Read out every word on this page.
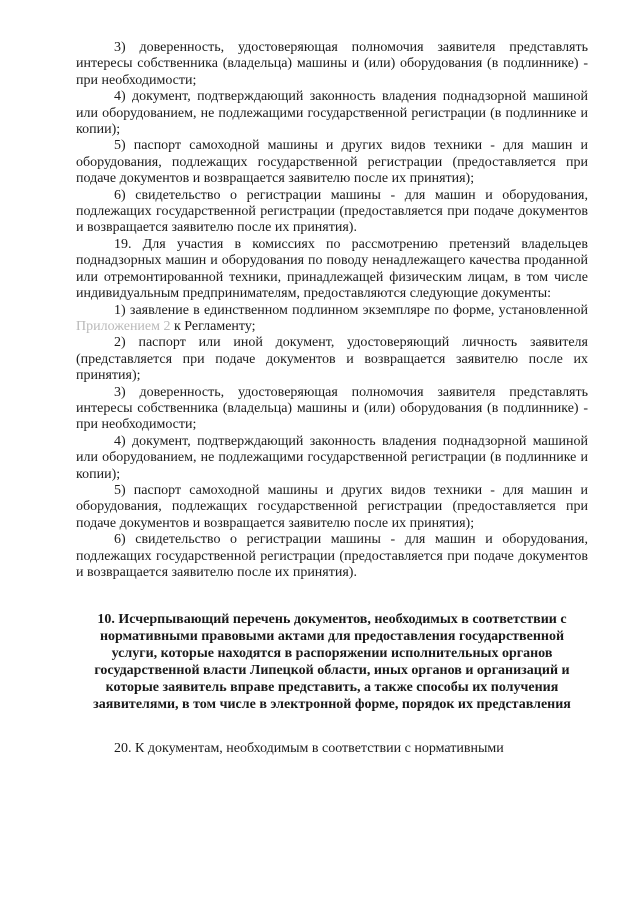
3) доверенность, удостоверяющая полномочия заявителя представлять интересы собственника (владельца) машины и (или) оборудования (в подлиннике) - при необходимости;

4) документ, подтверждающий законность владения поднадзорной машиной или оборудованием, не подлежащими государственной регистрации (в подлиннике и копии);

5) паспорт самоходной машины и других видов техники - для машин и оборудования, подлежащих государственной регистрации (предоставляется при подаче документов и возвращается заявителю после их принятия);

6) свидетельство о регистрации машины - для машин и оборудования, подлежащих государственной регистрации (предоставляется при подаче документов и возвращается заявителю после их принятия).

19. Для участия в комиссиях по рассмотрению претензий владельцев поднадзорных машин и оборудования по поводу ненадлежащего качества проданной или отремонтированной техники, принадлежащей физическим лицам, в том числе индивидуальным предпринимателям, предоставляются следующие документы:

1) заявление в единственном подлинном экземпляре по форме, установленной Приложением 2 к Регламенту;

2) паспорт или иной документ, удостоверяющий личность заявителя (представляется при подаче документов и возвращается заявителю после их принятия);

3) доверенность, удостоверяющая полномочия заявителя представлять интересы собственника (владельца) машины и (или) оборудования (в подлиннике) - при необходимости;

4) документ, подтверждающий законность владения поднадзорной машиной или оборудованием, не подлежащими государственной регистрации (в подлиннике и копии);

5) паспорт самоходной машины и других видов техники - для машин и оборудования, подлежащих государственной регистрации (предоставляется при подаче документов и возвращается заявителю после их принятия);

6) свидетельство о регистрации машины - для машин и оборудования, подлежащих государственной регистрации (предоставляется при подаче документов и возвращается заявителю после их принятия).

10. Исчерпывающий перечень документов, необходимых в соответствии с нормативными правовыми актами для предоставления государственной услуги, которые находятся в распоряжении исполнительных органов государственной власти Липецкой области, иных органов и организаций и которые заявитель вправе представить, а также способы их получения заявителями, в том числе в электронной форме, порядок их представления

20. К документам, необходимым в соответствии с нормативными
